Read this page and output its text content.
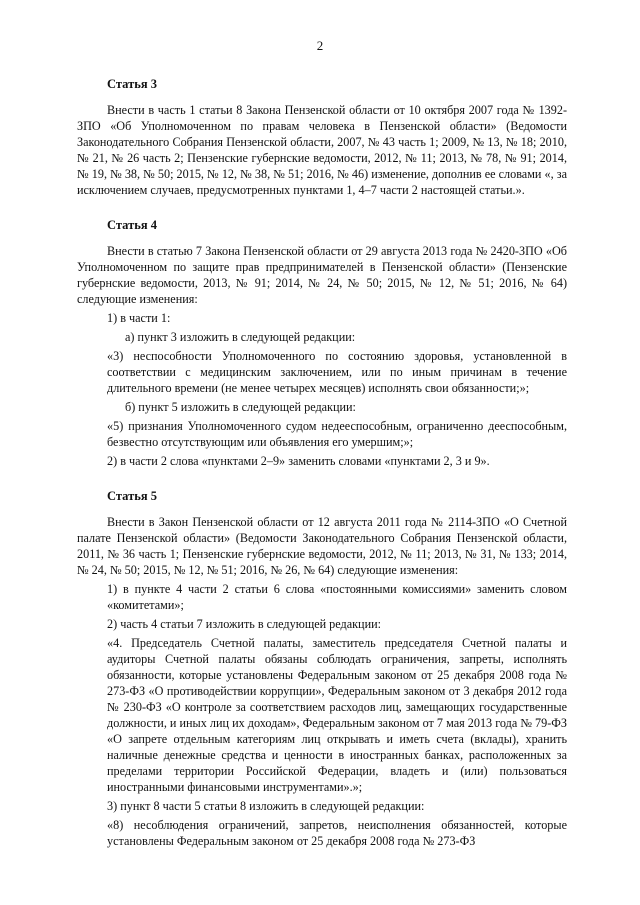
2
Статья 3

Внести в часть 1 статьи 8 Закона Пензенской области от 10 октября 2007 года № 1392-ЗПО «Об Уполномоченном по правам человека в Пензенской области» (Ведомости Законодательного Собрания Пензенской области, 2007, № 43 часть 1; 2009, № 13, № 18; 2010, № 21, № 26 часть 2; Пензенские губернские ведомости, 2012, № 11; 2013, № 78, № 91; 2014, № 19, № 38, № 50; 2015, № 12, № 38, № 51; 2016, № 46) изменение, дополнив ее словами «, за исключением случаев, предусмотренных пунктами 1, 4–7 части 2 настоящей статьи.».

Статья 4

Внести в статью 7 Закона Пензенской области от 29 августа 2013 года № 2420-ЗПО «Об Уполномоченном по защите прав предпринимателей в Пензенской области» (Пензенские губернские ведомости, 2013, № 91; 2014, № 24, № 50; 2015, № 12, № 51; 2016, № 64) следующие изменения:

1) в части 1:

а) пункт 3 изложить в следующей редакции:

«3) неспособности Уполномоченного по состоянию здоровья, установленной в соответствии с медицинским заключением, или по иным причинам в течение длительного времени (не менее четырех месяцев) исполнять свои обязанности;»;

б) пункт 5 изложить в следующей редакции:

«5) признания Уполномоченного судом недееспособным, ограниченно дееспособным, безвестно отсутствующим или объявления его умершим;»;

2) в части 2 слова «пунктами 2–9» заменить словами «пунктами 2, 3 и 9».

Статья 5

Внести в Закон Пензенской области от 12 августа 2011 года № 2114-ЗПО «О Счетной палате Пензенской области» (Ведомости Законодательного Собрания Пензенской области, 2011, № 36 часть 1; Пензенские губернские ведомости, 2012, № 11; 2013, № 31, № 133; 2014, № 24, № 50; 2015, № 12, № 51; 2016, № 26, № 64) следующие изменения:

1) в пункте 4 части 2 статьи 6 слова «постоянными комиссиями» заменить словом «комитетами»;

2) часть 4 статьи 7 изложить в следующей редакции:

«4. Председатель Счетной палаты, заместитель председателя Счетной палаты и аудиторы Счетной палаты обязаны соблюдать ограничения, запреты, исполнять обязанности, которые установлены Федеральным законом от 25 декабря 2008 года № 273-ФЗ «О противодействии коррупции», Федеральным законом от 3 декабря 2012 года № 230-ФЗ «О контроле за соответствием расходов лиц, замещающих государственные должности, и иных лиц их доходам», Федеральным законом от 7 мая 2013 года № 79-ФЗ «О запрете отдельным категориям лиц открывать и иметь счета (вклады), хранить наличные денежные средства и ценности в иностранных банках, расположенных за пределами территории Российской Федерации, владеть и (или) пользоваться иностранными финансовыми инструментами».»;

3) пункт 8 части 5 статьи 8 изложить в следующей редакции:

«8) несоблюдения ограничений, запретов, неисполнения обязанностей, которые установлены Федеральным законом от 25 декабря 2008 года № 273-ФЗ
